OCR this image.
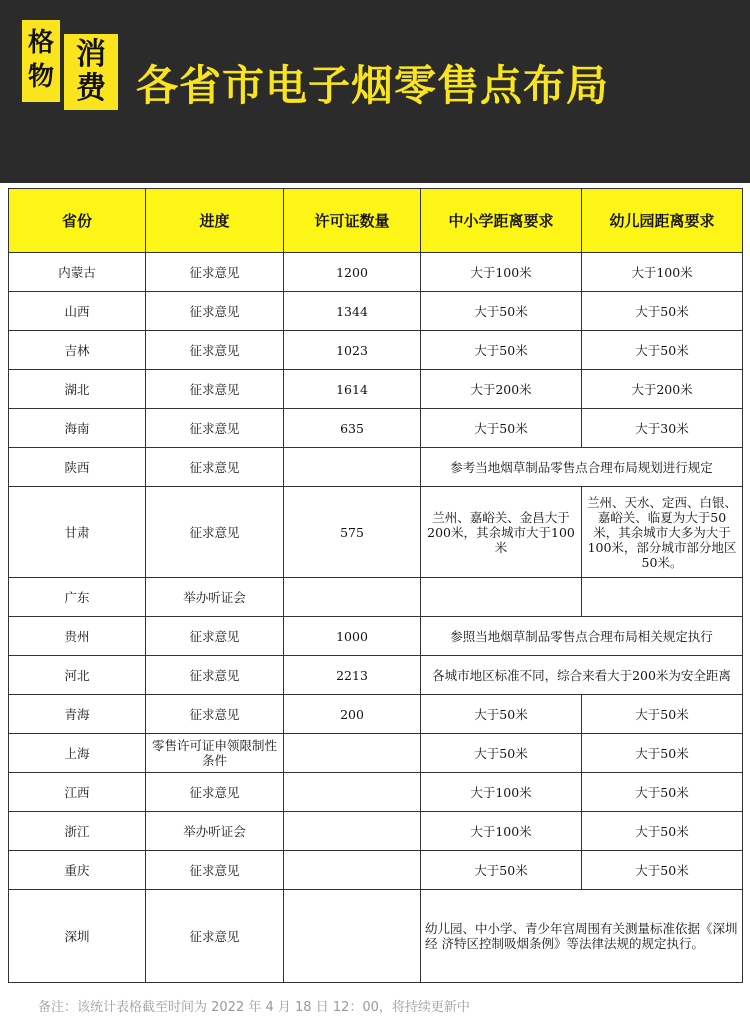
格
物
消
费 各省市电子烟零售点布局
省份	进度	许可证数量	中小学距离要求	幼儿园距离要求
内蒙古	征求意见	1200	大于100米	大于100米
山西	征求意见	1344	大于50米	大于50米
吉林	征求意见	1023	大于50米	大于50米
湖北	征求意见	1614	大于200米	大于200米
海南	征求意见	635	大于50米	大于30米
陕西	征求意见		参考当地烟草制品零售点合理布局规划进行规定	
甘肃	征求意见	575	兰州、嘉峪关、金昌大于200米，其余城市大于100米	兰州、天水、定西、白银、嘉峪关、临夏为大于50米，其余城市大多为大于100米，部分城市部分地区50米。
广东	举办听证会			
贵州	征求意见	1000	参照当地烟草制品零售点合理布局相关规定执行	
河北	征求意见	2213	各城市地区标准不同，综合来看大于200米为安全距离	
青海	征求意见	200	大于50米	大于50米
上海	零售许可证申领限制性条件		大于50米	大于50米
江西	征求意见		大于100米	大于50米
浙江	举办听证会		大于100米	大于50米
重庆	征求意见		大于50米	大于50米
深圳	征求意见		幼儿园、中小学、青少年宫周围有关测量标准依据《深圳经 济特区控制吸烟条例》等法律法规的规定执行。	
备注：该统计表格截至时间为 2022 年 4 月 18 日 12：00，将持续更新中
